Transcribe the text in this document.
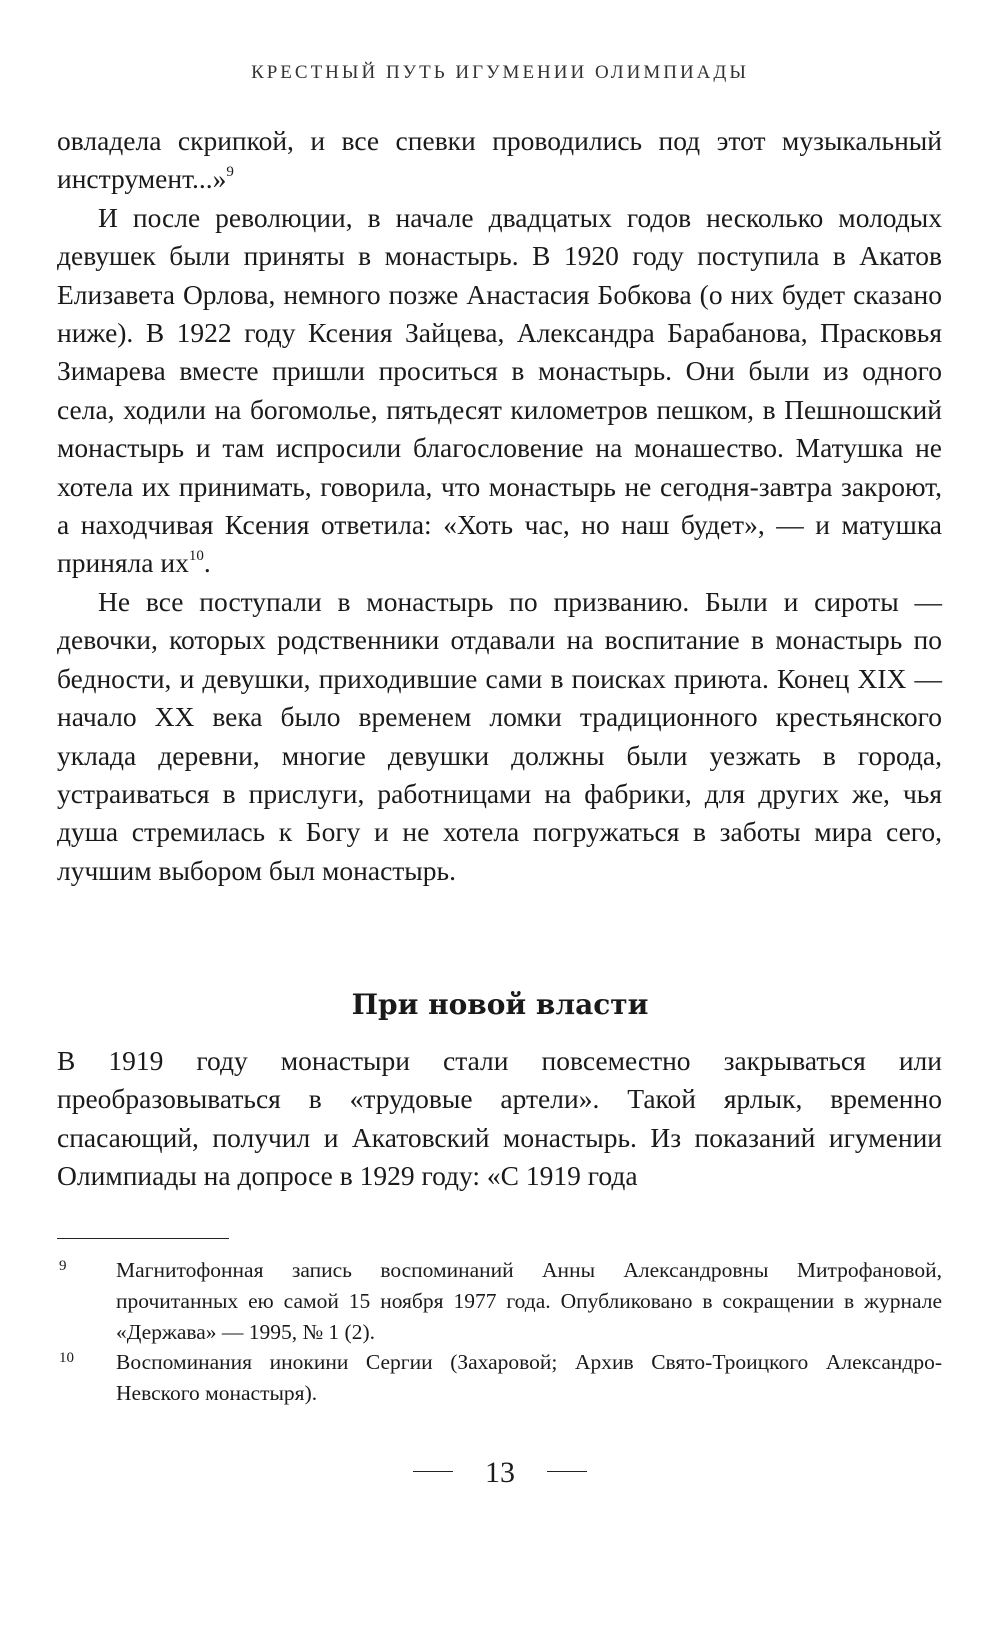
КРЕСТНЫЙ ПУТЬ ИГУМЕНИИ ОЛИМПИАДЫ

овладела скрипкой, и все спевки проводились под этот музыкальный инструмент...»$^9$

И после революции, в начале двадцатых годов несколько молодых девушек были приняты в монастырь. В 1920 году поступила в Акатов Елизавета Орлова, немного позже Анастасия Бобкова (о них будет сказано ниже). В 1922 году Ксения Зайцева, Александра Барабанова, Прасковья Зимарева вместе пришли проситься в монастырь. Они были из одного села, ходили на богомолье, пятьдесят километров пешком, в Пешношский монастырь и там испросили благословение на монашество. Матушка не хотела их принимать, говорила, что монастырь не сегодня-завтра закроют, а находчивая Ксения ответила: «Хоть час, но наш будет», — и матушка приняла $их^{10}$.

Не все поступали в монастырь по призванию. Были и сироты — девочки, которых родственники отдавали на воспитание в монастырь по бедности, и девушки, приходившие сами в поисках приюта. Конец XIX — начало XX века было временем ломки традиционного крестьянского уклада деревни, многие девушки должны были уезжать в города, устраиваться в прислуги, работницами на фабрики, для других же, чья душа стремилась к Богу и не хотела погружаться в заботы мира сего, лучшим выбором был монастырь.

При новой власти

В 1919 году монастыри стали повсеместно закрываться или преобразовываться в «трудовые артели». Такой ярлык, временно спасающий, получил и Акатовский монастырь. Из показаний игумении Олимпиады на допросе в 1929 году: «С 1919 года

9 Магнитофонная запись воспоминаний Анны Александровны Митрофановой, прочитанных ею самой 15 ноября 1977 года. Опубликовано в сокращении в журнале «Держава» — 1995, № 1 (2).
10 Воспоминания инокини Сергии (Захаровой; Архив Свято-Троицкого Александро-Невского монастыря).
13
